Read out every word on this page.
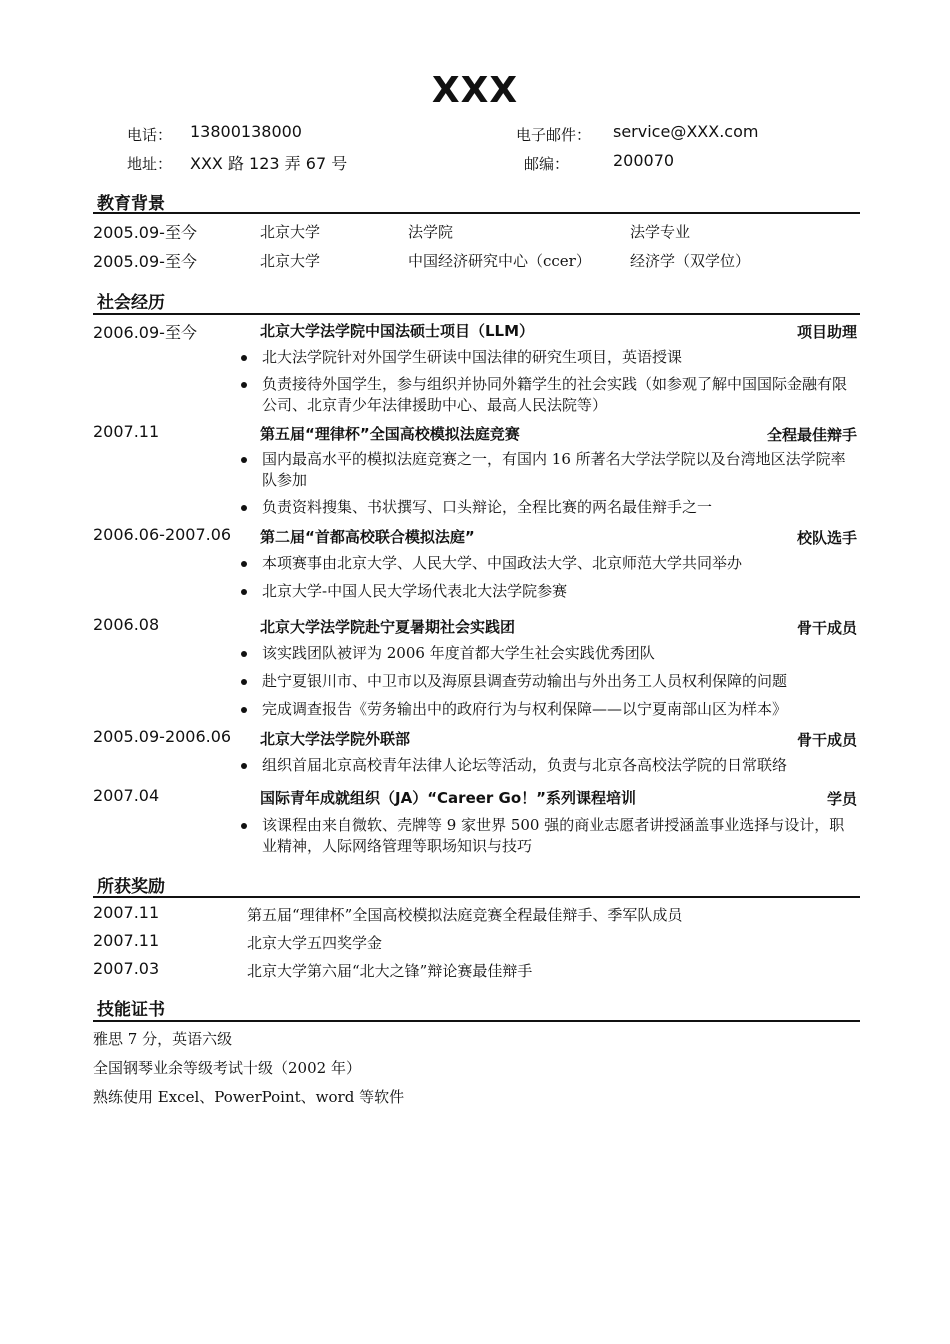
XXX
电话： 13800138000	电子邮件： service@XXX.com
地址： XXX 路 123 弄 67 号	邮编：	200070
教育背景
2005.09-至今	北京大学	法学院	法学专业
2005.09-至今	北京大学	中国经济研究中心（ccer）	经济学（双学位）
社会经历
2006.09-至今	北京大学法学院中国法硕士项目（LLM）	项目助理
北大法学院针对外国学生研读中国法律的研究生项目，英语授课
负责接待外国学生，参与组织并协同外籍学生的社会实践（如参观了解中国国际金融有限公司、北京青少年法律援助中心、最高人民法院等）
2007.11	第五届“理律杯”全国高校模拟法庭竞赛	全程最佳辩手
国内最高水平的模拟法庭竞赛之一，有国内 16 所著名大学法学院以及台湾地区法学院率队参加
负责资料搜集、书状撰写、口头辩论，全程比赛的两名最佳辩手之一
2006.06-2007.06 第二届“首都高校联合模拟法庭”	校队选手
本项赛事由北京大学、人民大学、中国政法大学、北京师范大学共同举办
北京大学-中国人民大学场代表北大法学院参赛
2006.08	北京大学法学院赴宁夏暑期社会实践团	骨干成员
该实践团队被评为 2006 年度首都大学生社会实践优秀团队
赴宁夏银川市、中卫市以及海原县调查劳动输出与外出务工人员权利保障的问题
完成调查报告《劳务输出中的政府行为与权利保障——以宁夏南部山区为样本》
2005.09-2006.06 北京大学法学院外联部	骨干成员
组织首届北京高校青年法律人论坛等活动，负责与北京各高校法学院的日常联络
2007.04	国际青年成就组织（JA）“Career Go！”系列课程培训	学员
该课程由来自微软、壳牌等 9 家世界 500 强的商业志愿者讲授涵盖事业选择与设计，职业精神，人际网络管理等职场知识与技巧
所获奖励
2007.11	第五届“理律杯”全国高校模拟法庭竞赛全程最佳辩手、季军队成员
2007.11	北京大学五四奖学金
2007.03	北京大学第六届“北大之锋”辩论赛最佳辩手
技能证书
雅思 7 分，英语六级
全国钢琴业余等级考试十级（2002 年）
熟练使用 Excel、PowerPoint、word 等软件
